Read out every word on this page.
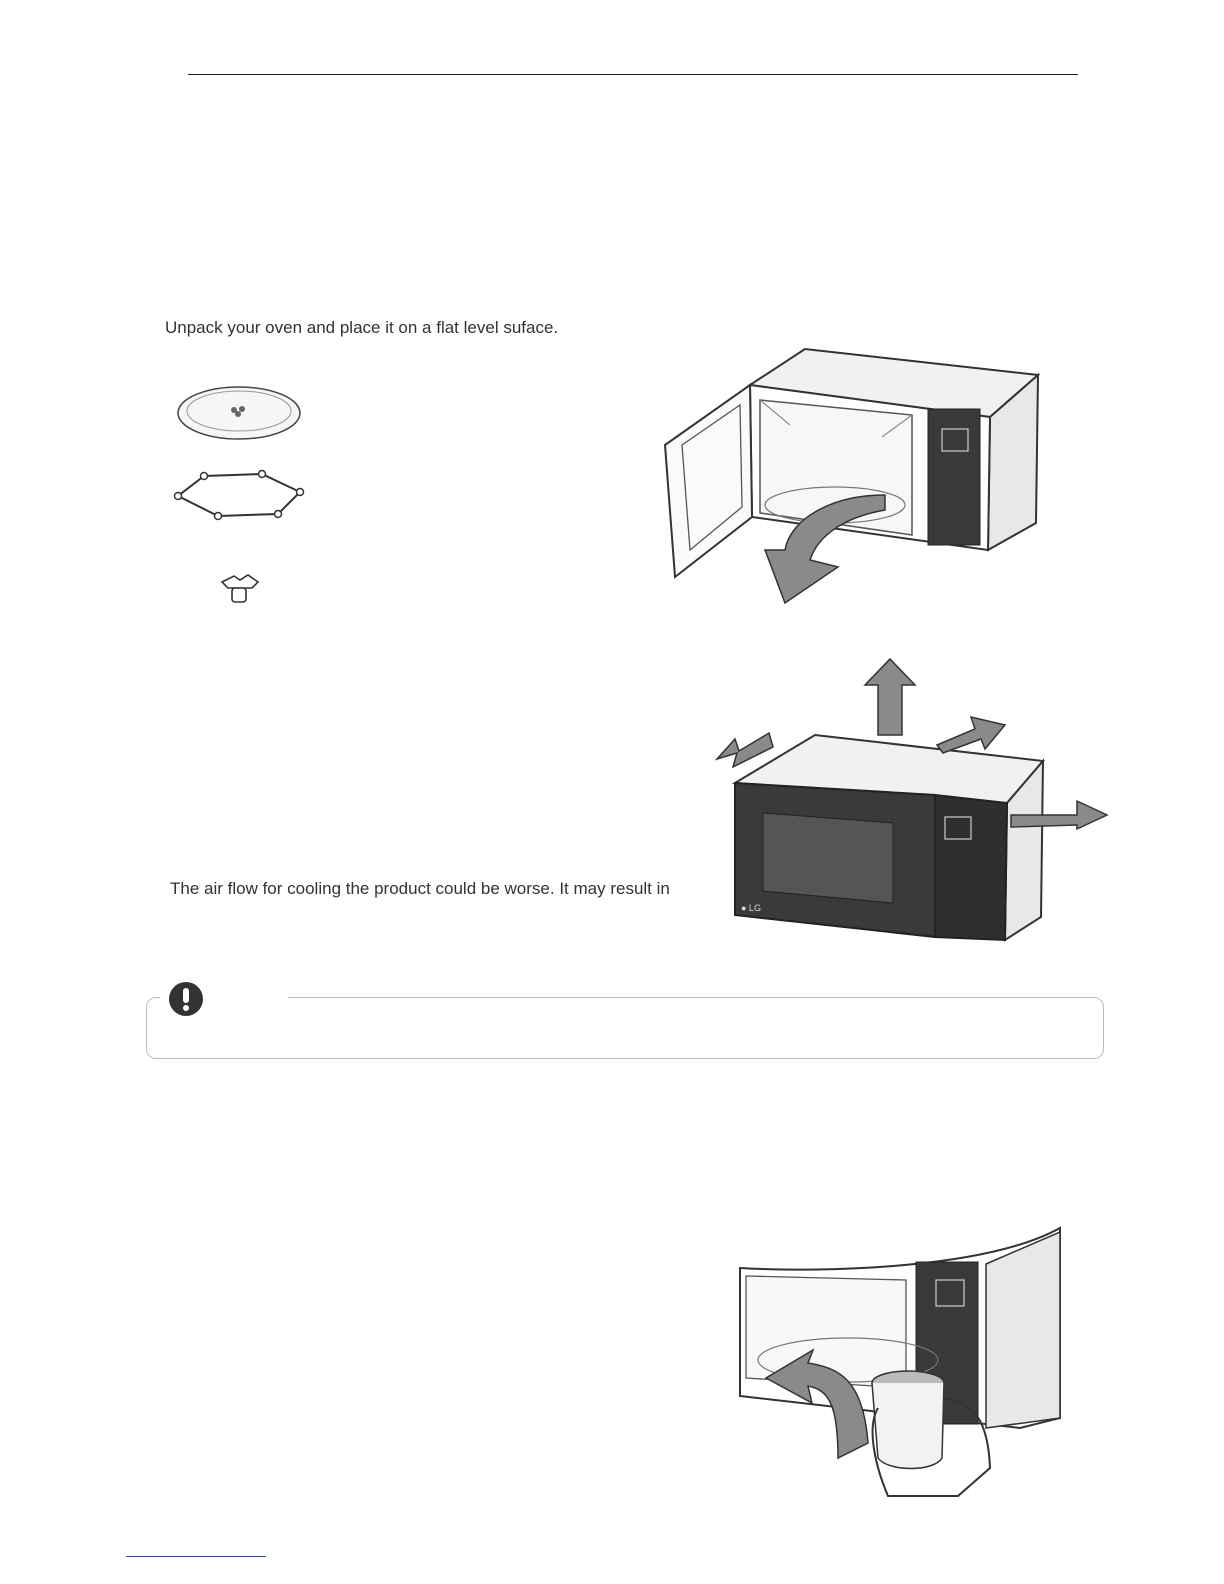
Unpack your oven and place it on a flat level suface.
● LG
The air flow for cooling the product could be worse. It may result in
